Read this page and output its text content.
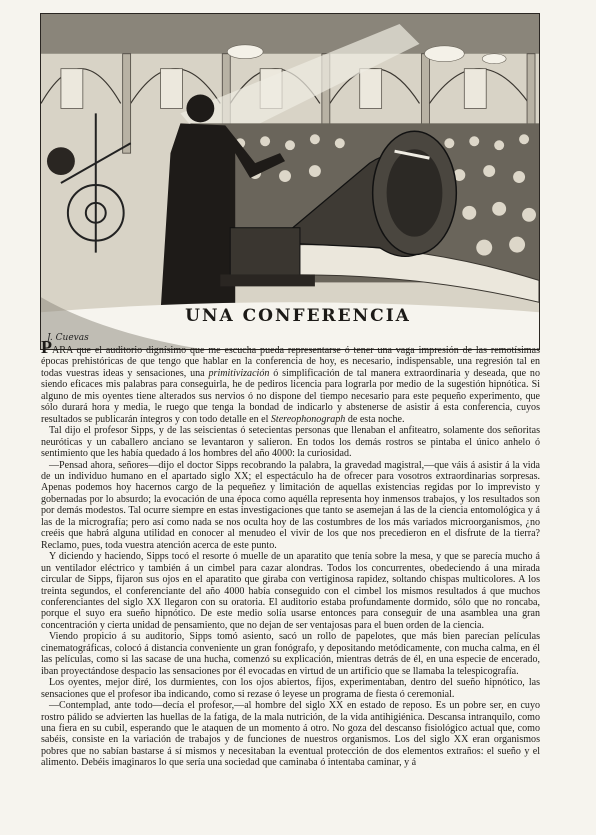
J. Cuevas
UNA CONFERENCIA

PARA que el auditorio dignísimo que me escucha pueda representarse ó tener una vaga impresión de las remotísimas épocas prehistóricas de que tengo que hablar en la conferencia de hoy, es necesario, indispensable, una regresión tal en todas vuestras ideas y sensaciones, una primitivización ó simplificación de tal manera extraordinaria y deseada, que no siendo eficaces mis palabras para conseguirla, he de pediros licencia para lograrla por medio de la sugestión hipnótica. Si alguno de mis oyentes tiene alterados sus nervios ó no dispone del tiempo necesario para este pequeño experimento, que sólo durará hora y media, le ruego que tenga la bondad de indicarlo y abstenerse de asistir á esta conferencia, cuyos resultados se publicarán íntegros y con todo detalle en el Stereophonograph de esta noche.

Tal dijo el profesor Sipps, y de las seiscientas ó setecientas personas que llenaban el anfiteatro, solamente dos señoritas neuróticas y un caballero anciano se levantaron y salieron. En todos los demás rostros se pintaba el único anhelo ó sentimiento que les había quedado á los hombres del año 4000: la curiosidad.

—Pensad ahora, señores—dijo el doctor Sipps recobrando la palabra, la gravedad magistral,—que váis á asistir á la vida de un individuo humano en el apartado siglo XX; el espectáculo ha de ofrecer para vosotros extraordinarias sorpresas. Apenas podemos hoy hacernos cargo de la pequeñez y limitación de aquellas existencias regidas por lo imprevisto y gobernadas por lo absurdo; la evocación de una época como aquélla representa hoy inmensos trabajos, y los resultados son por demás modestos. Tal ocurre siempre en estas investigaciones que tanto se asemejan á las de la ciencia entomológica y á las de la micrografía; pero así como nada se nos oculta hoy de las costumbres de los más variados microorganismos, ¿no creéis que habrá alguna utilidad en conocer al menudeo el vivir de los que nos precedieron en el disfrute de la tierra? Reclamo, pues, toda vuestra atención acerca de este punto.

Y diciendo y haciendo, Sipps tocó el resorte ó muelle de un aparatito que tenía sobre la mesa, y que se parecía mucho á un ventilador eléctrico y también á un cimbel para cazar alondras. Todos los concurrentes, obedeciendo á una mirada circular de Sipps, fijaron sus ojos en el aparatito que giraba con vertiginosa rapidez, soltando chispas multicolores. A los treinta segundos, el conferenciante del año 4000 había conseguido con el cimbel los mismos resultados á que muchos conferenciantes del siglo XX llegaron con su oratoria. El auditorio estaba profundamente dormido, sólo que no roncaba, porque el suyo era sueño hipnótico. De este medio solía usarse entonces para conseguir de una asamblea una gran concentración y cierta unidad de pensamiento, que no dejan de ser ventajosas para el buen orden de la ciencia.

Viendo propicio á su auditorio, Sipps tomó asiento, sacó un rollo de papelotes, que más bien parecían películas cinematográficas, colocó á distancia conveniente un gran fonógrafo, y depositando metódicamente, con mucha calma, en él las películas, como si las sacase de una hucha, comenzó su explicación, mientras detrás de él, en una especie de encerado, iban proyectándose despacio las sensaciones por él evocadas en virtud de un artificio que se llamaba la telespicografía.

Los oyentes, mejor diré, los durmientes, con los ojos abiertos, fijos, experimentaban, dentro del sueño hipnótico, las sensaciones que el profesor iba indicando, como si rezase ó leyese un programa de fiesta ó ceremonial.

—Contemplad, ante todo—decía el profesor,—al hombre del siglo XX en estado de reposo. Es un pobre ser, en cuyo rostro pálido se advierten las huellas de la fatiga, de la mala nutrición, de la vida antihigiénica. Descansa intranquilo, como una fiera en su cubil, esperando que le ataquen de un momento á otro. No goza del descanso fisiológico actual que, como sabéis, consiste en la variación de trabajos y de funciones de nuestros organismos. Los del siglo XX eran organismos pobres que no sabían bastarse á sí mismos y necesitaban la eventual protección de dos elementos extraños: el sueño y el alimento. Debéis imaginaros lo que sería una sociedad que caminaba ó intentaba caminar, y á
